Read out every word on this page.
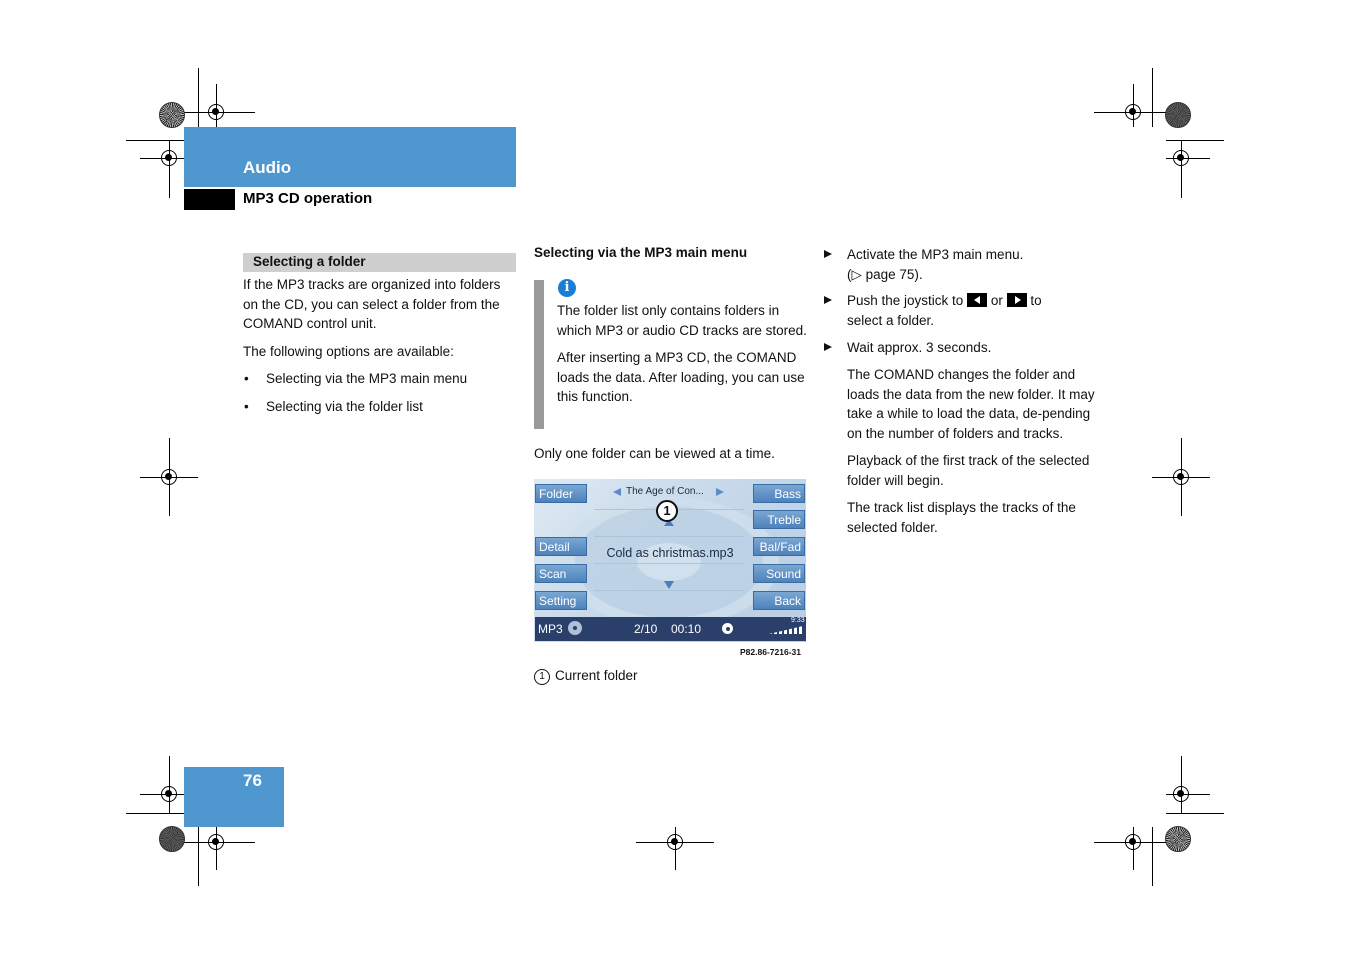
Audio
MP3 CD operation
Selecting a folder

If the MP3 tracks are organized into folders on the CD, you can select a folder from the COMAND control unit.

The following options are available:

• Selecting via the MP3 main menu
• Selecting via the folder list
Selecting via the MP3 main menu
i

The folder list only contains folders in which MP3 or audio CD tracks are stored.

After inserting a MP3 CD, the COMAND loads the data. After loading, you can use this function.

Only one folder can be viewed at a time.
Folder
Detail
Scan
Setting
Bass
Treble
Bal/Fad
Sound
Back
The Age of Con...
1
Cold as christmas.mp3
MP3	2/10 00:10
9:33
P82.86-7216-31
1 Current folder
Activate the MP3 main menu.
(▷ page 75).
Push the joystick to or to
select a folder.
Wait approx. 3 seconds.

The COMAND changes the folder and loads the data from the new folder. It may take a while to load the data, de-pending on the number of folders and tracks.

Playback of the first track of the selected folder will begin.

The track list displays the tracks of the selected folder.

76
